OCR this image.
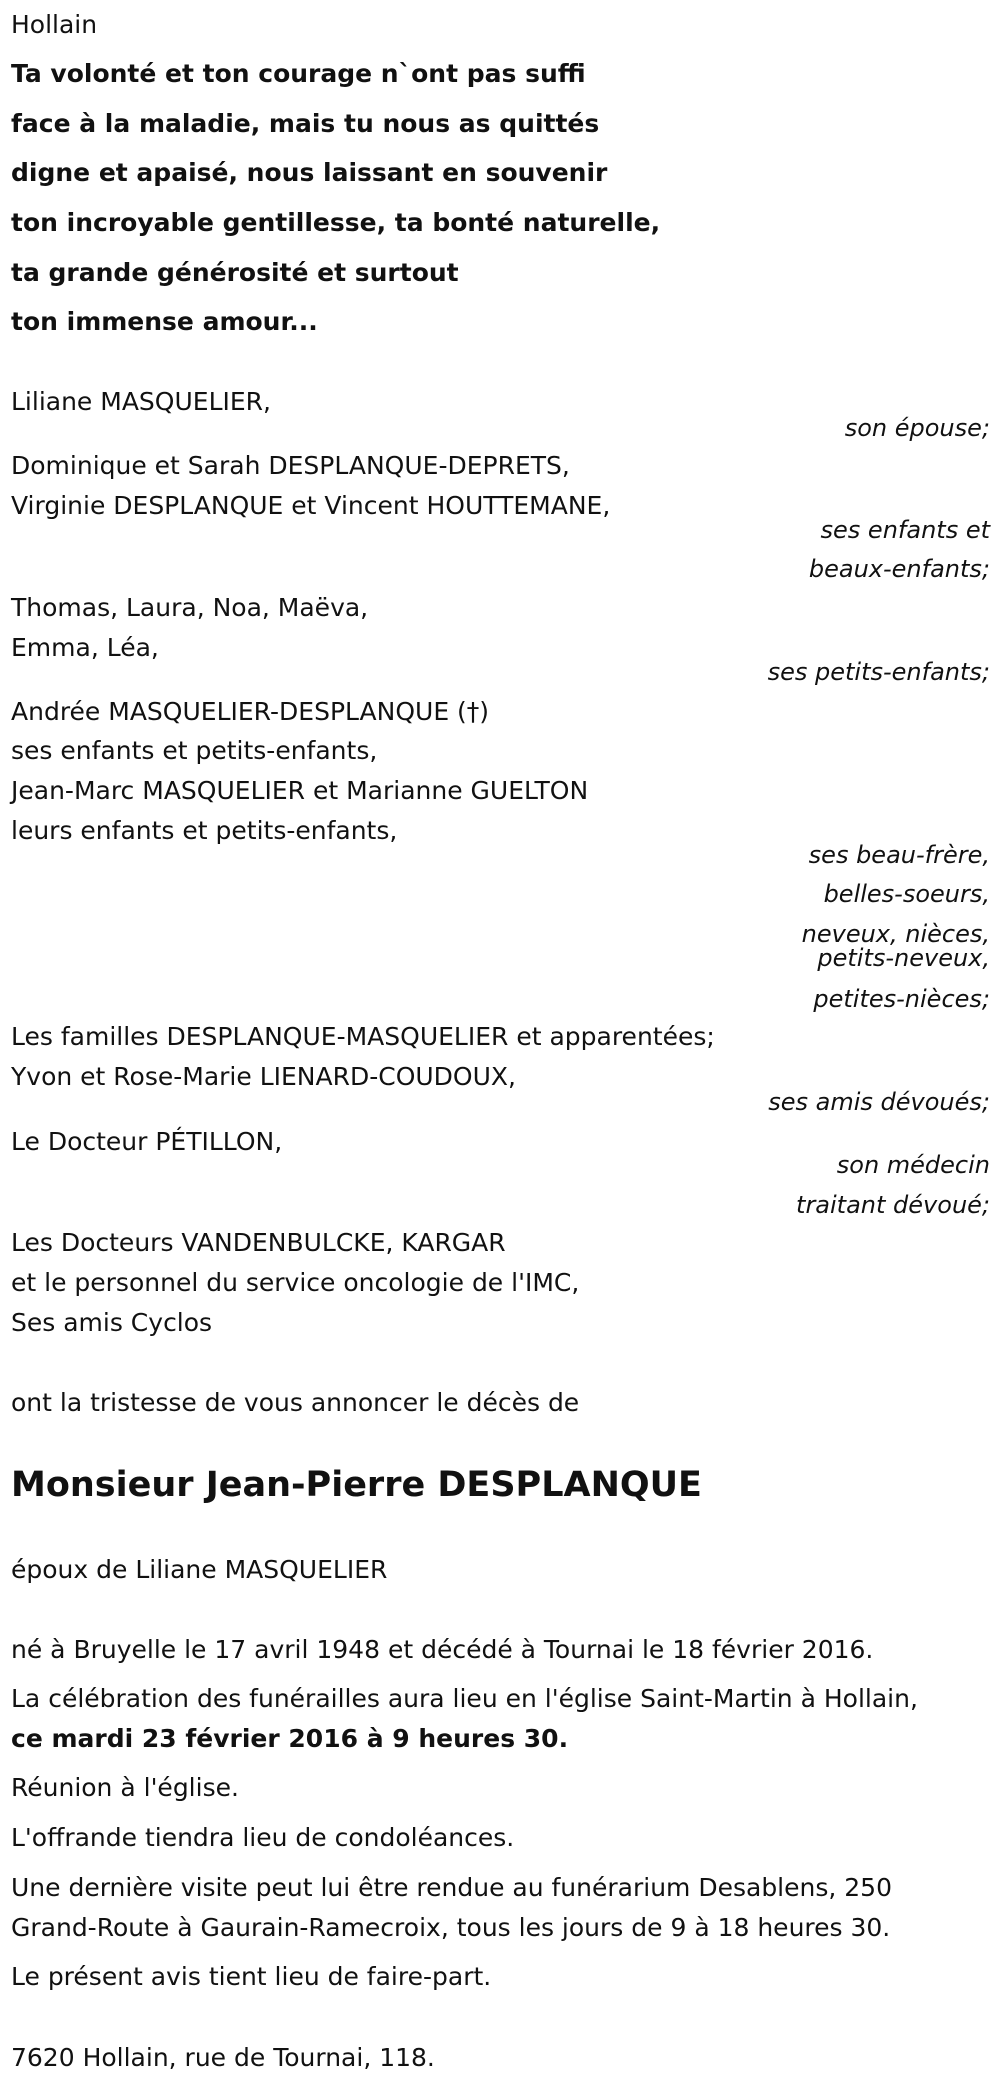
Hollain
Ta volonté et ton courage n`ont pas suffi
face à la maladie, mais tu nous as quittés
digne et apaisé, nous laissant en souvenir
ton incroyable gentillesse, ta bonté naturelle,
ta grande générosité et surtout
ton immense amour...
Liliane MASQUELIER,
son épouse;
Dominique et Sarah DESPLANQUE-DEPRETS,
Virginie DESPLANQUE et Vincent HOUTTEMANE,
ses enfants et
beaux-enfants;
Thomas, Laura, Noa, Maëva,
Emma, Léa,
ses petits-enfants;
Andrée MASQUELIER-DESPLANQUE (†)
ses enfants et petits-enfants,
Jean-Marc MASQUELIER et Marianne GUELTON
leurs enfants et petits-enfants,
ses beau-frère,
belles-soeurs,
neveux, nièces,
petits-neveux,
petites-nièces;
Les familles DESPLANQUE-MASQUELIER et apparentées;
Yvon et Rose-Marie LIENARD-COUDOUX,
ses amis dévoués;
Le Docteur PÉTILLON,
son médecin
traitant dévoué;
Les Docteurs VANDENBULCKE, KARGAR
et le personnel du service oncologie de l'IMC,
Ses amis Cyclos
ont la tristesse de vous annoncer le décès de
Monsieur Jean-Pierre DESPLANQUE
époux de Liliane MASQUELIER
né à Bruyelle le 17 avril 1948 et décédé à Tournai le 18 février 2016.
La célébration des funérailles aura lieu en l'église Saint-Martin à Hollain,
ce mardi 23 février 2016 à 9 heures 30.
Réunion à l'église.
L'offrande tiendra lieu de condoléances.
Une dernière visite peut lui être rendue au funérarium Desablens, 250
Grand-Route à Gaurain-Ramecroix, tous les jours de 9 à 18 heures 30.
Le présent avis tient lieu de faire-part.
7620 Hollain, rue de Tournai, 118.
